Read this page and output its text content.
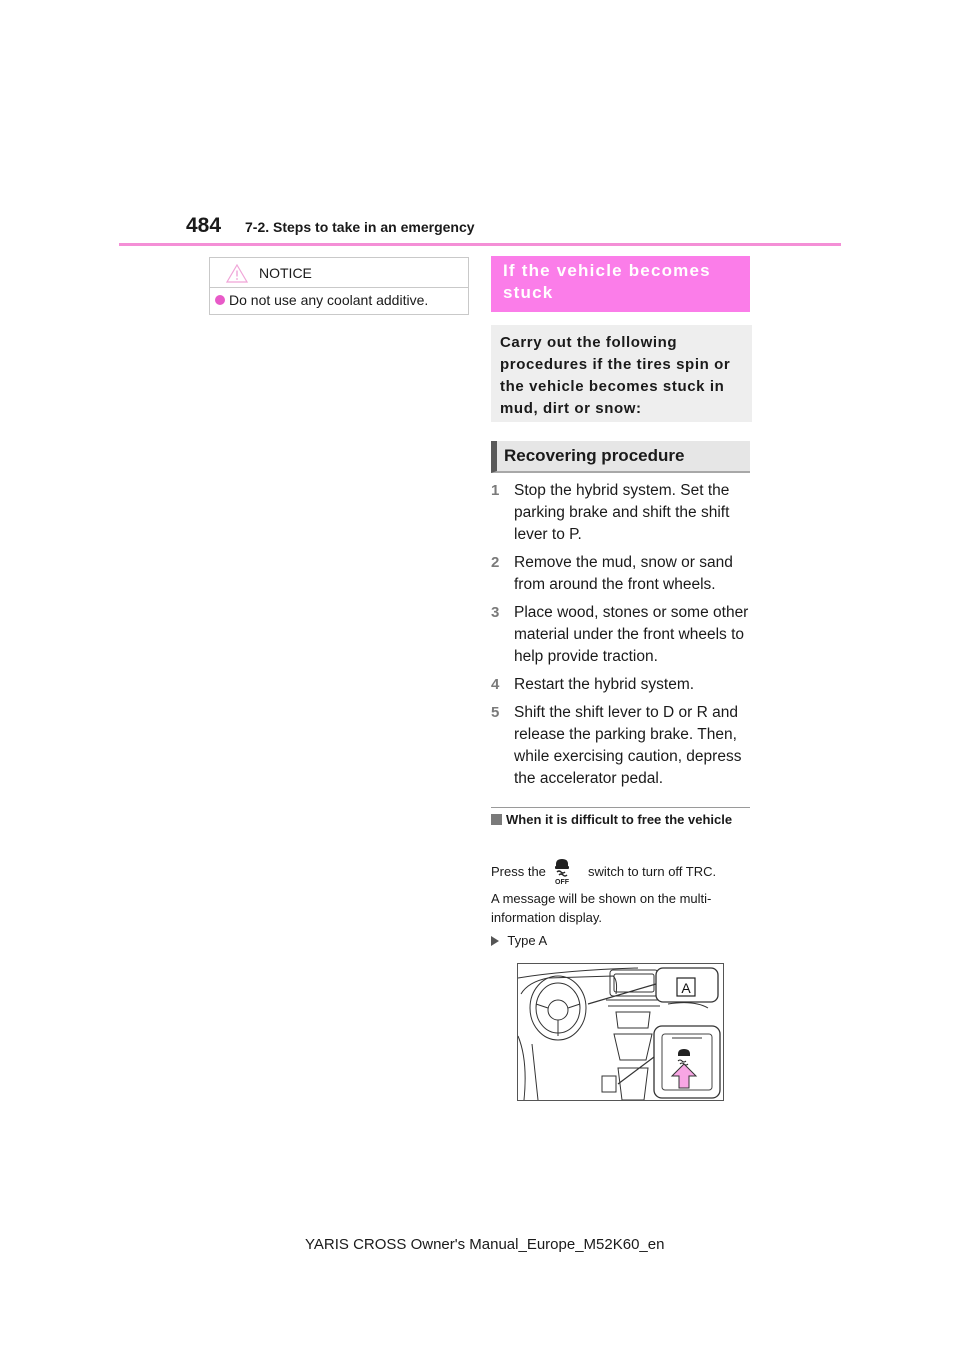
484 7-2. Steps to take in an emergency
NOTICE
Do not use any coolant additive.
If the vehicle becomes stuck
Carry out the following procedures if the tires spin or the vehicle becomes stuck in mud, dirt or snow:
Recovering procedure
1 Stop the hybrid system. Set the parking brake and shift the shift lever to P.
2 Remove the mud, snow or sand from around the front wheels.
3 Place wood, stones or some other material under the front wheels to help provide traction.
4 Restart the hybrid system.
5 Shift the shift lever to D or R and release the parking brake. Then, while exercising caution, depress the accelerator pedal.
When it is difficult to free the vehicle
Press the
OFF
switch to turn off TRC.
A message will be shown on the multi-information display.
Type A
A
YARIS CROSS Owner's Manual_Europe_M52K60_en
